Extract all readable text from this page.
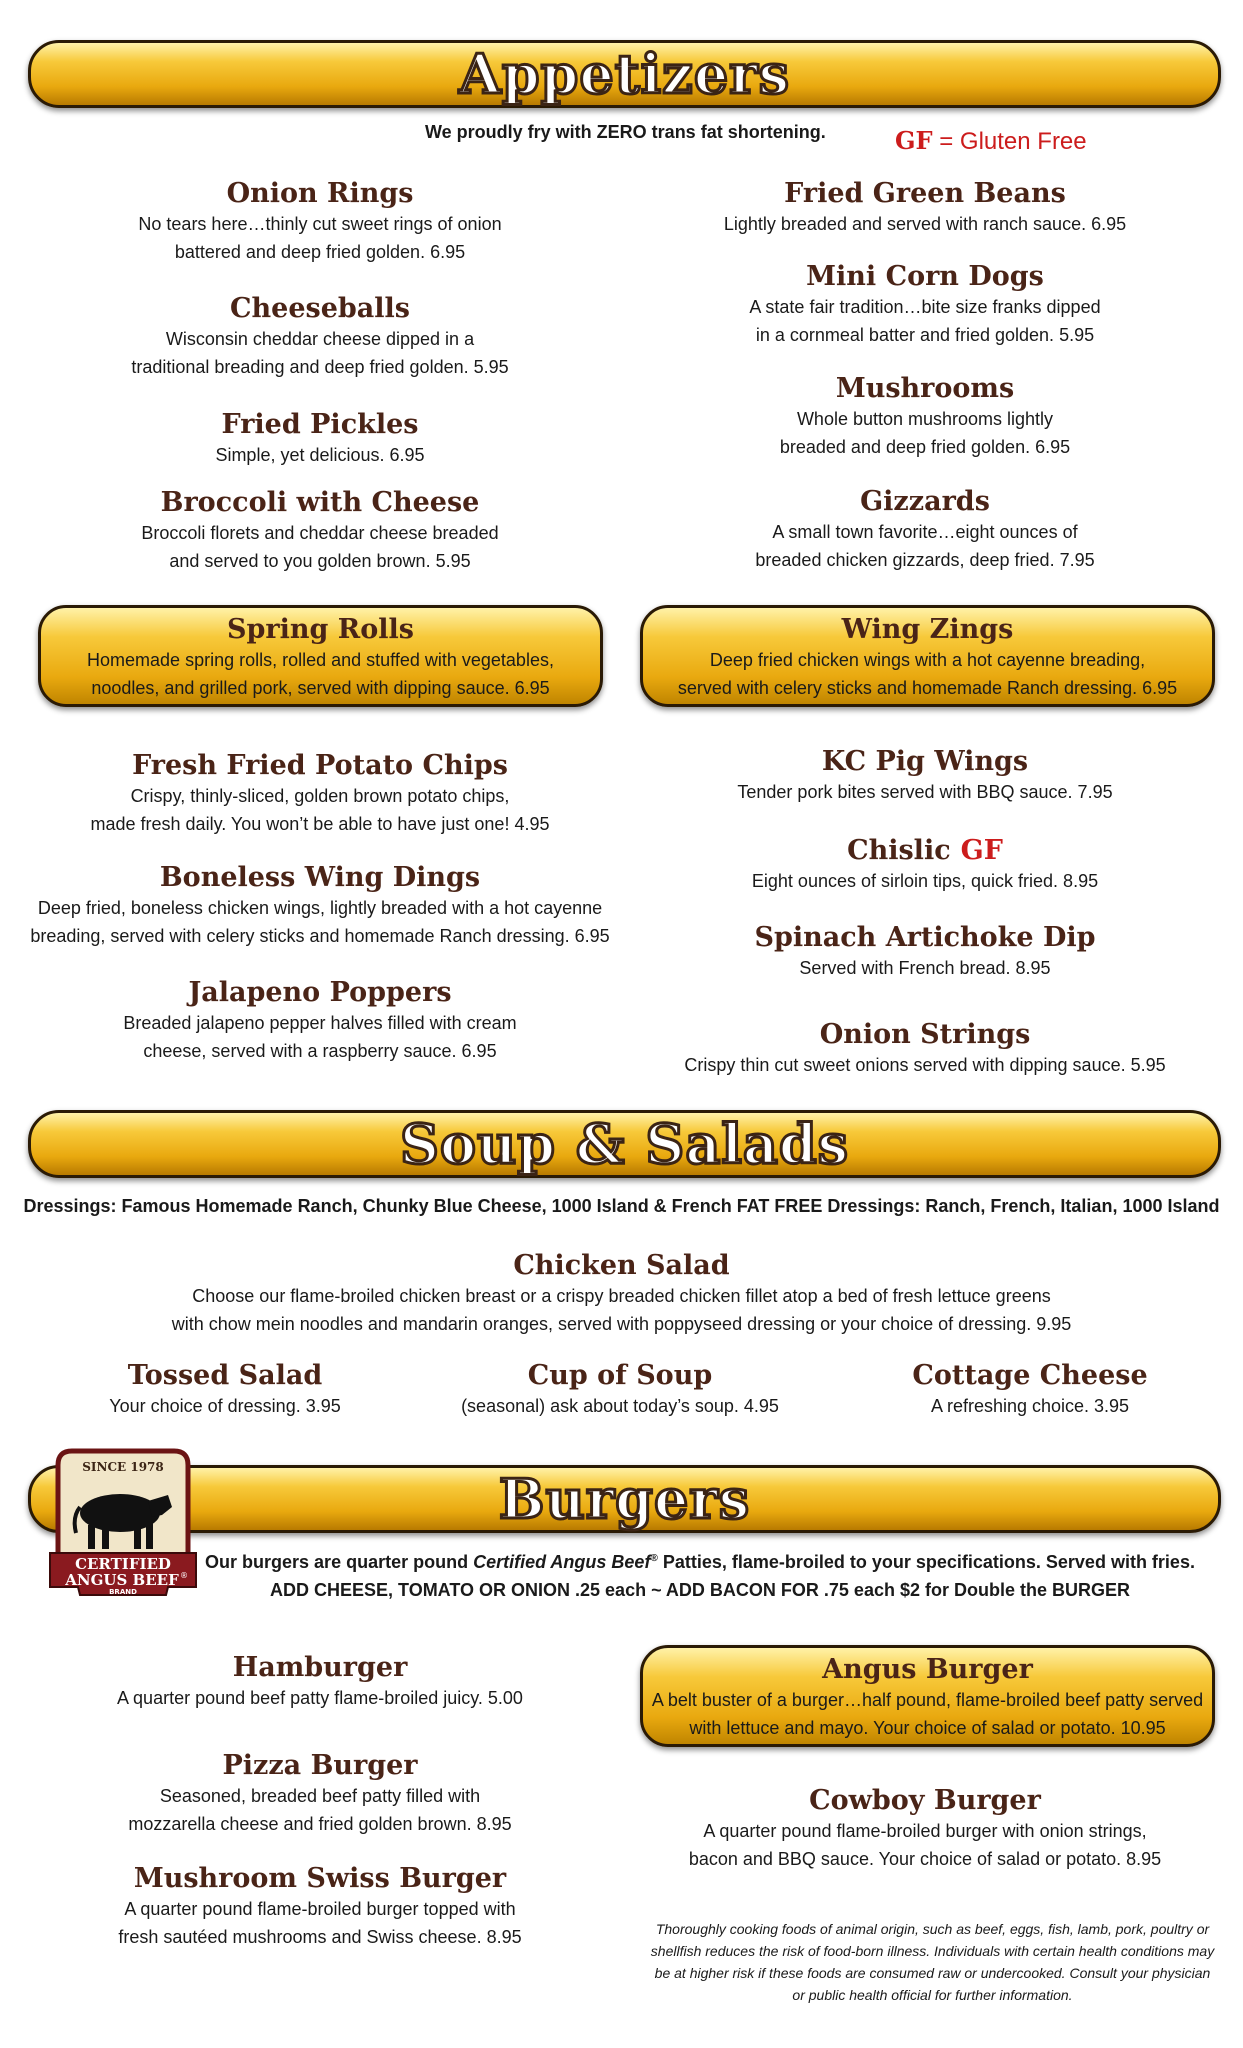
Appetizers
We proudly fry with ZERO trans fat shortening.	GF = Gluten Free
Onion Rings
No tears here…thinly cut sweet rings of onion
battered and deep fried golden. 6.95
Cheeseballs
Wisconsin cheddar cheese dipped in a
traditional breading and deep fried golden. 5.95
Fried Pickles
Simple, yet delicious. 6.95
Broccoli with Cheese
Broccoli florets and cheddar cheese breaded
and served to you golden brown. 5.95
Fried Green Beans
Lightly breaded and served with ranch sauce. 6.95
Mini Corn Dogs
A state fair tradition…bite size franks dipped
in a cornmeal batter and fried golden. 5.95
Mushrooms
Whole button mushrooms lightly
breaded and deep fried golden. 6.95
Gizzards
A small town favorite…eight ounces of
breaded chicken gizzards, deep fried. 7.95
Spring Rolls
Homemade spring rolls, rolled and stuffed with vegetables,
noodles, and grilled pork, served with dipping sauce. 6.95
Wing Zings
Deep fried chicken wings with a hot cayenne breading,
served with celery sticks and homemade Ranch dressing. 6.95
Fresh Fried Potato Chips
Crispy, thinly-sliced, golden brown potato chips,
made fresh daily. You won’t be able to have just one! 4.95
Boneless Wing Dings
Deep fried, boneless chicken wings, lightly breaded with a hot cayenne
breading, served with celery sticks and homemade Ranch dressing. 6.95
Jalapeno Poppers
Breaded jalapeno pepper halves filled with cream
cheese, served with a raspberry sauce. 6.95
KC Pig Wings
Tender pork bites served with BBQ sauce. 7.95
Chislic GF
Eight ounces of sirloin tips, quick fried. 8.95
Spinach Artichoke Dip
Served with French bread. 8.95
Onion Strings
Crispy thin cut sweet onions served with dipping sauce. 5.95
Soup & Salads
Dressings: Famous Homemade Ranch, Chunky Blue Cheese, 1000 Island & French FAT FREE Dressings: Ranch, French, Italian, 1000 Island
Chicken Salad
Choose our flame-broiled chicken breast or a crispy breaded chicken fillet atop a bed of fresh lettuce greens
with chow mein noodles and mandarin oranges, served with poppyseed dressing or your choice of dressing. 9.95
Tossed Salad
Your choice of dressing. 3.95
Cup of Soup
(seasonal) ask about today’s soup. 4.95
Cottage Cheese
A refreshing choice. 3.95
Burgers
SINCE 1978
CERTIFIED
ANGUS BEEF ®
BRAND
Our burgers are quarter pound Certified Angus Beef® Patties, flame-broiled to your specifications. Served with fries.
ADD CHEESE, TOMATO OR ONION .25 each ~ ADD BACON FOR .75 each $2 for Double the BURGER
Hamburger
A quarter pound beef patty flame-broiled juicy. 5.00
Pizza Burger
Seasoned, breaded beef patty filled with
mozzarella cheese and fried golden brown. 8.95
Mushroom Swiss Burger
A quarter pound flame-broiled burger topped with
fresh sautéed mushrooms and Swiss cheese. 8.95
Angus Burger
A belt buster of a burger…half pound, flame-broiled beef patty served
with lettuce and mayo. Your choice of salad or potato. 10.95
Cowboy Burger
A quarter pound flame-broiled burger with onion strings,
bacon and BBQ sauce. Your choice of salad or potato. 8.95
Thoroughly cooking foods of animal origin, such as beef, eggs, fish, lamb, pork, poultry or shellfish reduces the risk of food-born illness. Individuals with certain health conditions may be at higher risk if these foods are consumed raw or undercooked. Consult your physician or public health official for further information.
